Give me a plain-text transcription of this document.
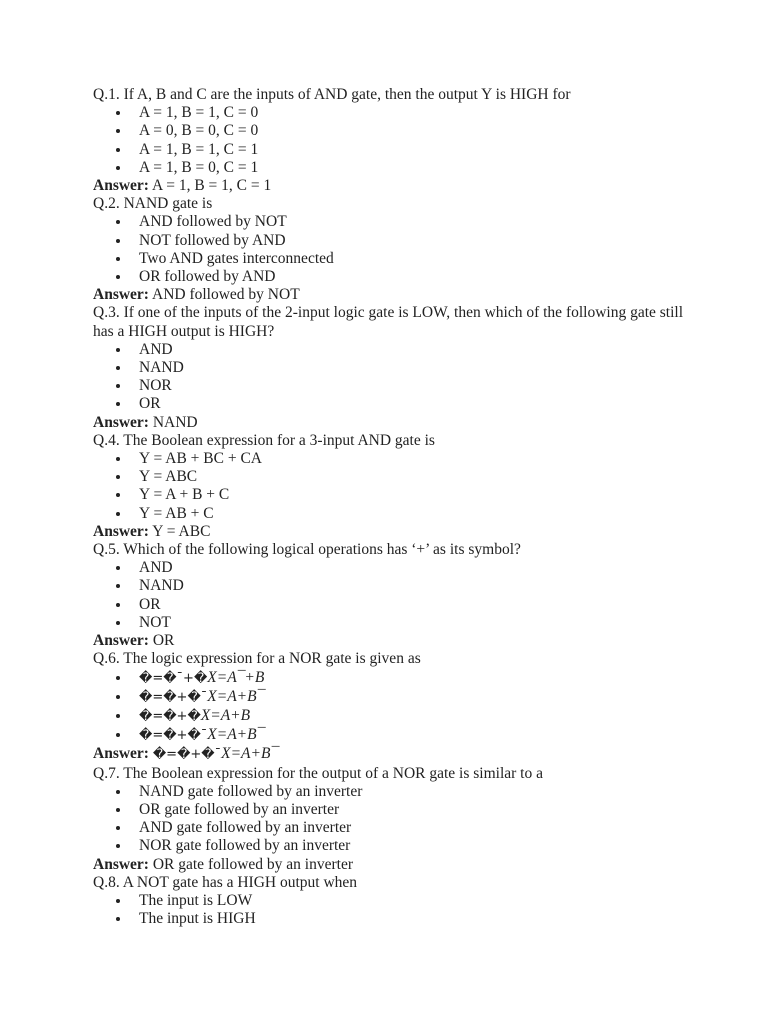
Q.1. If A, B and C are the inputs of AND gate, then the output Y is HIGH for

A = 1, B = 1, C = 0
A = 0, B = 0, C = 0
A = 1, B = 1, C = 1
A = 1, B = 0, C = 1

Answer: A = 1, B = 1, C = 1

Q.2. NAND gate is

AND followed by NOT
NOT followed by AND
Two AND gates interconnected
OR followed by AND

Answer: AND followed by NOT

Q.3. If one of the inputs of the 2-input logic gate is LOW, then which of the following gate still has a HIGH output is HIGH?

AND
NAND
NOR
OR

Answer: NAND

Q.4. The Boolean expression for a 3-input AND gate is

Y = AB + BC + CA
Y = ABC
Y = A + B + C
Y = AB + C

Answer: Y = ABC

Q.5. Which of the following logical operations has ‘+’ as its symbol?

AND
NAND
OR
NOT

Answer: OR

Q.6. The logic expression for a NOR gate is given as

�=�¯+�X=A¯+B
�=�+�¯X=A+B¯
�=�+�X=A+B
�=�+�¯X=A+B¯

Answer: �=�+�¯X=A+B¯

Q.7. The Boolean expression for the output of a NOR gate is similar to a

NAND gate followed by an inverter
OR gate followed by an inverter
AND gate followed by an inverter
NOR gate followed by an inverter

Answer: OR gate followed by an inverter

Q.8. A NOT gate has a HIGH output when

The input is LOW
The input is HIGH
